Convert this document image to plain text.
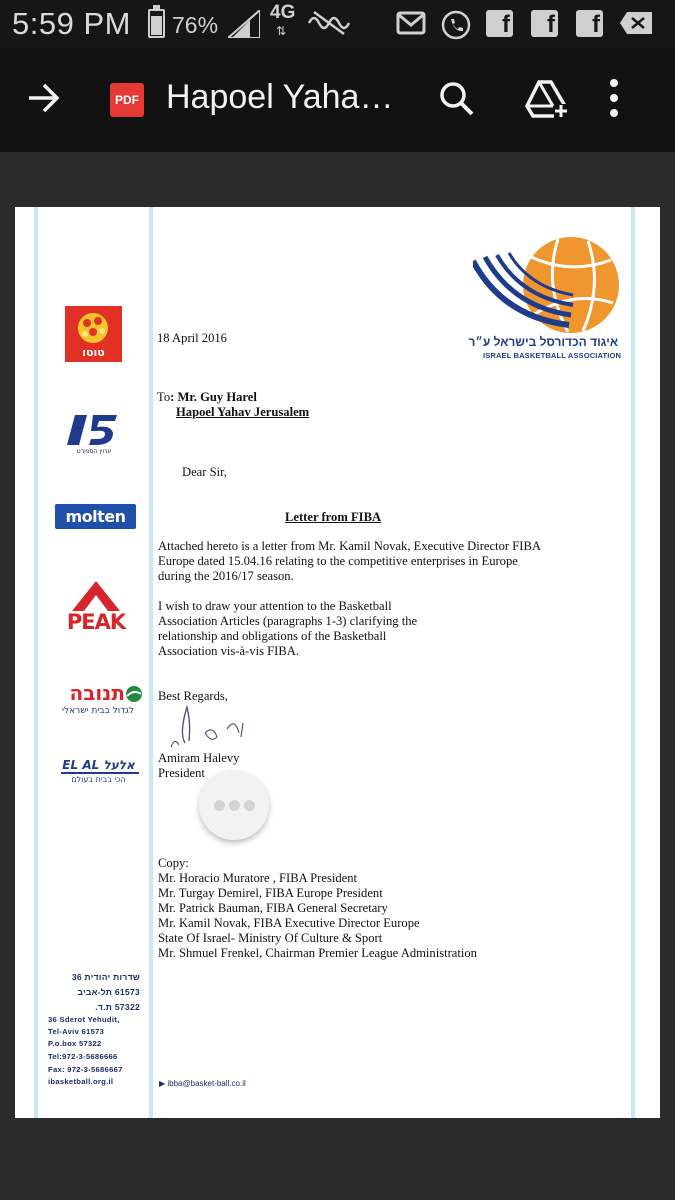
5:59 PM 76%	4G
⇅	f	f	f
PDF Hapoel Yaha…
איגוד הכדורסל בישראל ע״ר
ISRAEL BASKETBALL ASSOCIATION
טוטו
ערוץ הספורט
molten
PEAK
תנובה
לגדול בבית ישראלי
EL AL אלעל
הכי בבית בעולם
18 April 2016
To: Mr. Guy Harel
Hapoel Yahav Jerusalem
Dear Sir,
Letter from FIBA
Attached hereto is a letter from Mr. Kamil Novak, Executive Director FIBA
Europe dated 15.04.16 relating to the competitive enterprises in Europe
during the 2016/17 season.
I wish to draw your attention to the Basketball
Association Articles (paragraphs 1-3) clarifying the
relationship and obligations of the Basketball
Association vis-à-vis FIBA.
Best Regards,
Amiram Halevy
President
Copy:
Mr. Horacio Muratore , FIBA President
Mr. Turgay Demirel, FIBA Europe President
Mr. Patrick Bauman, FIBA General Secretary
Mr. Kamil Novak, FIBA Executive Director Europe
State Of Israel- Ministry Of Culture & Sport
Mr. Shmuel Frenkel, Chairman Premier League Administration
שדרות יהודית 36
61573 תל-אביב
57322 ת.ד.
36 Sderot Yehudit,
Tel-Aviv 61573
P.o.box 57322
Tel:972-3-5686666
Fax: 972-3-5686667
ibasketball.org.il	▶ ibba@basket-ball.co.il
